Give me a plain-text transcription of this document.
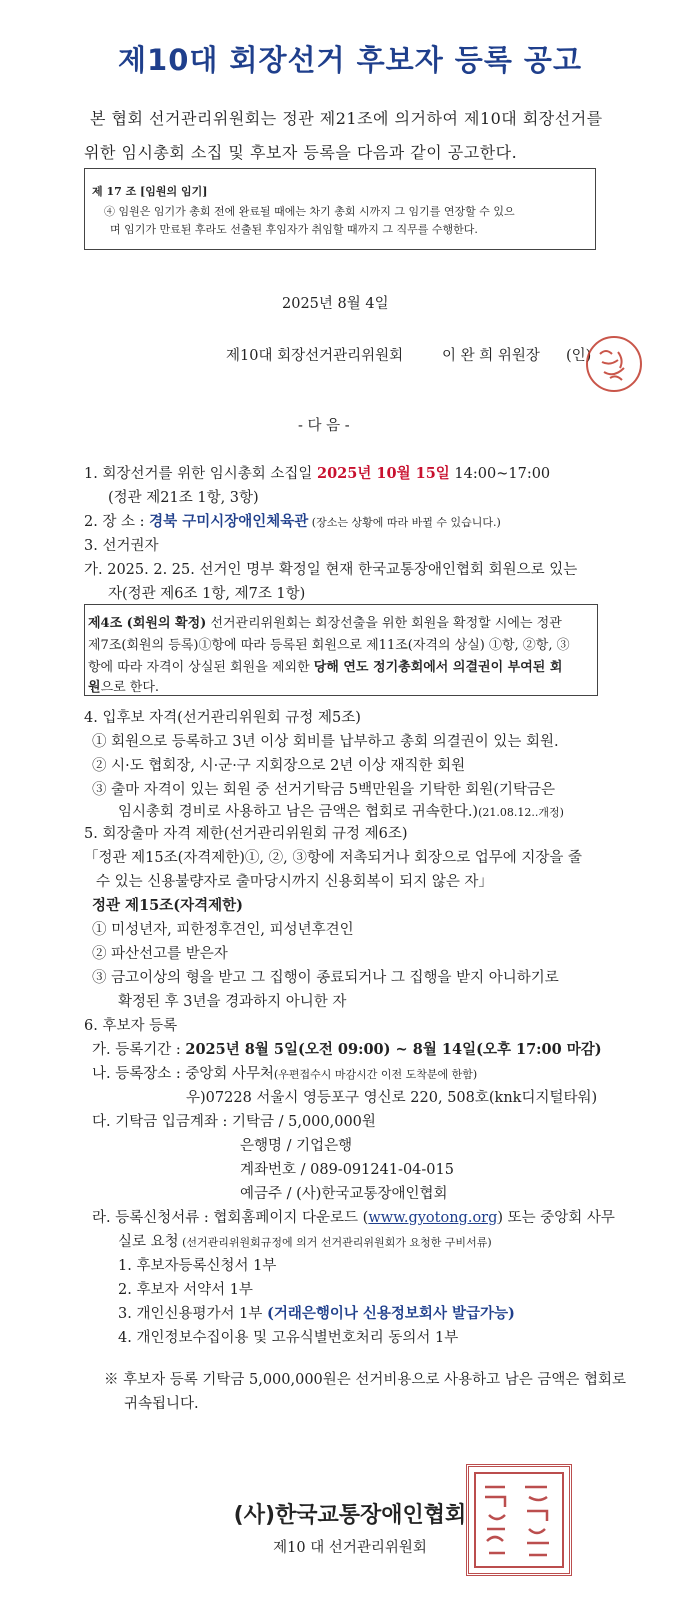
제10대 회장선거 후보자 등록 공고
본 협회 선거관리위원회는 정관 제21조에 의거하여 제10대 회장선거를
위한 임시총회 소집 및 후보자 등록을 다음과 같이 공고한다.
제 17 조 [임원의 임기]
④ 임원은 임기가 총회 전에 완료될 때에는 차기 총회 시까지 그 임기를 연장할 수 있으
며 임기가 만료된 후라도 선출된 후임자가 취임할 때까지 그 직무를 수행한다.
2025년 8월 4일
제10대 회장선거관리위원회	이 완 희 위원장 (인)
- 다 음 -
1. 회장선거를 위한 임시총회 소집일 2025년 10월 15일 14:00~17:00
(정관 제21조 1항, 3항)
2. 장 소 : 경북 구미시장애인체육관 (장소는 상황에 따라 바뀔 수 있습니다.)
3. 선거권자
가. 2025. 2. 25. 선거인 명부 확정일 현재 한국교통장애인협회 회원으로 있는
자(정관 제6조 1항, 제7조 1항)
제4조 (회원의 확정) 선거관리위원회는 회장선출을 위한 회원을 확정할 시에는 정관
제7조(회원의 등록)①항에 따라 등록된 회원으로 제11조(자격의 상실) ①항, ②항, ③
항에 따라 자격이 상실된 회원을 제외한 당해 연도 정기총회에서 의결권이 부여된 회
원으로 한다.
4. 입후보 자격(선거관리위원회 규정 제5조)
① 회원으로 등록하고 3년 이상 회비를 납부하고 총회 의결권이 있는 회원.
② 시·도 협회장, 시·군·구 지회장으로 2년 이상 재직한 회원
③ 출마 자격이 있는 회원 중 선거기탁금 5백만원을 기탁한 회원(기탁금은
임시총회 경비로 사용하고 남은 금액은 협회로 귀속한다.)(21.08.12..개정)
5. 회장출마 자격 제한(선거관리위원회 규정 제6조)
「정관 제15조(자격제한)①, ②, ③항에 저촉되거나 회장으로 업무에 지장을 줄
수 있는 신용불량자로 출마당시까지 신용회복이 되지 않은 자」
정관 제15조(자격제한)
① 미성년자, 피한정후견인, 피성년후견인
② 파산선고를 받은자
③ 금고이상의 형을 받고 그 집행이 종료되거나 그 집행을 받지 아니하기로
확정된 후 3년을 경과하지 아니한 자
6. 후보자 등록
가. 등록기간 : 2025년 8월 5일(오전 09:00) ~ 8월 14일(오후 17:00 마감)
나. 등록장소 : 중앙회 사무처(우편접수시 마감시간 이전 도착분에 한함)
우)07228 서울시 영등포구 영신로 220, 508호(knk디지털타워)
다. 기탁금 입금계좌 : 기탁금 / 5,000,000원
은행명 / 기업은행
계좌번호 / 089-091241-04-015
예금주 / (사)한국교통장애인협회
라. 등록신청서류 : 협회홈페이지 다운로드 (www.gyotong.org) 또는 중앙회 사무
실로 요청 (선거관리위원회규정에 의거 선거관리위원회가 요청한 구비서류)
1. 후보자등록신청서 1부
2. 후보자 서약서 1부
3. 개인신용평가서 1부 (거래은행이나 신용정보회사 발급가능)
4. 개인정보수집이용 및 고유식별번호처리 동의서 1부
※ 후보자 등록 기탁금 5,000,000원은 선거비용으로 사용하고 남은 금액은 협회로
귀속됩니다.
(사)한국교통장애인협회
제10 대 선거관리위원회
